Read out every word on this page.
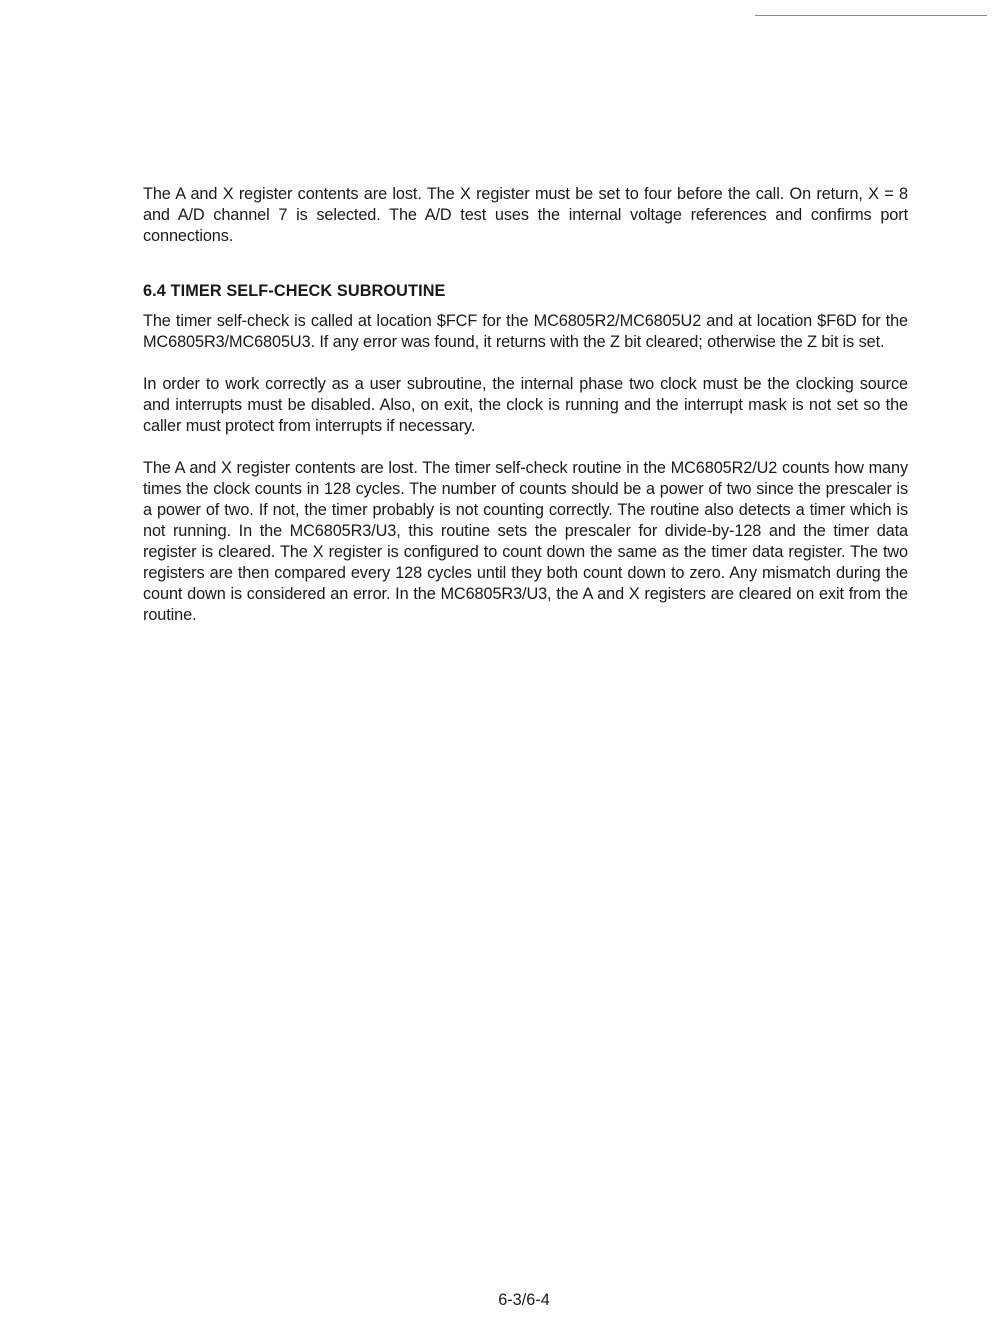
The A and X register contents are lost. The X register must be set to four before the call. On return, X = 8 and A/D channel 7 is selected. The A/D test uses the internal voltage references and confirms port connections.

6.4 TIMER SELF-CHECK SUBROUTINE

The timer self-check is called at location $FCF for the MC6805R2/MC6805U2 and at location $F6D for the MC6805R3/MC6805U3. If any error was found, it returns with the Z bit cleared; otherwise the Z bit is set.

In order to work correctly as a user subroutine, the internal phase two clock must be the clocking source and interrupts must be disabled. Also, on exit, the clock is running and the interrupt mask is not set so the caller must protect from interrupts if necessary.

The A and X register contents are lost. The timer self-check routine in the MC6805R2/U2 counts how many times the clock counts in 128 cycles. The number of counts should be a power of two since the prescaler is a power of two. If not, the timer probably is not counting correctly. The routine also detects a timer which is not running. In the MC6805R3/U3, this routine sets the prescaler for divide-by-128 and the timer data register is cleared. The X register is configured to count down the same as the timer data register. The two registers are then compared every 128 cycles until they both count down to zero. Any mismatch during the count down is considered an error. In the MC6805R3/U3, the A and X registers are cleared on exit from the routine.

6-3/6-4
